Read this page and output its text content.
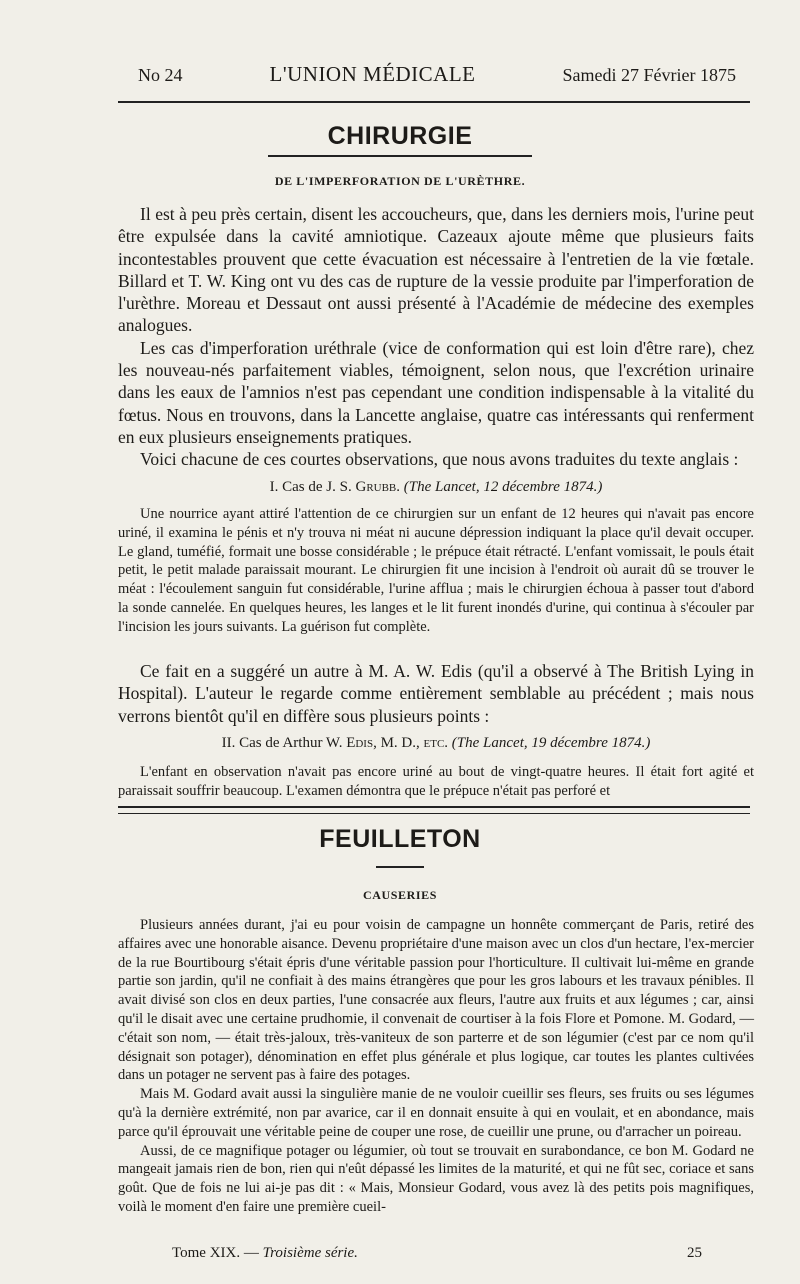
No 24	L'UNION MÉDICALE	Samedi 27 Février 1875
CHIRURGIE
DE L'IMPERFORATION DE L'URÈTHRE.

Il est à peu près certain, disent les accoucheurs, que, dans les derniers mois, l'urine peut être expulsée dans la cavité amniotique. Cazeaux ajoute même que plusieurs faits incontestables prouvent que cette évacuation est nécessaire à l'entretien de la vie fœtale. Billard et T. W. King ont vu des cas de rupture de la vessie produite par l'imperforation de l'urèthre. Moreau et Dessaut ont aussi présenté à l'Académie de médecine des exemples analogues.

Les cas d'imperforation uréthrale (vice de conformation qui est loin d'être rare), chez les nouveau-nés parfaitement viables, témoignent, selon nous, que l'excrétion urinaire dans les eaux de l'amnios n'est pas cependant une condition indispensable à la vitalité du fœtus. Nous en trouvons, dans la Lancette anglaise, quatre cas intéressants qui renferment en eux plusieurs enseignements pratiques.

Voici chacune de ces courtes observations, que nous avons traduites du texte anglais :

I. Cas de J. S. Grubb. (The Lancet, 12 décembre 1874.)

Une nourrice ayant attiré l'attention de ce chirurgien sur un enfant de 12 heures qui n'avait pas encore uriné, il examina le pénis et n'y trouva ni méat ni aucune dépression indiquant la place qu'il devait occuper. Le gland, tuméfié, formait une bosse considérable ; le prépuce était rétracté. L'enfant vomissait, le pouls était petit, le petit malade paraissait mourant. Le chirurgien fit une incision à l'endroit où aurait dû se trouver le méat : l'écoulement sanguin fut considérable, l'urine afflua ; mais le chirurgien échoua à passer tout d'abord la sonde cannelée. En quelques heures, les langes et le lit furent inondés d'urine, qui continua à s'écouler par l'incision les jours suivants. La guérison fut complète.

Ce fait en a suggéré un autre à M. A. W. Edis (qu'il a observé à The British Lying in Hospital). L'auteur le regarde comme entièrement semblable au précédent ; mais nous verrons bientôt qu'il en diffère sous plusieurs points :

II. Cas de Arthur W. Edis, M. D., etc. (The Lancet, 19 décembre 1874.)

L'enfant en observation n'avait pas encore uriné au bout de vingt-quatre heures. Il était fort agité et paraissait souffrir beaucoup. L'examen démontra que le prépuce n'était pas perforé et

FEUILLETON
CAUSERIES

Plusieurs années durant, j'ai eu pour voisin de campagne un honnête commerçant de Paris, retiré des affaires avec une honorable aisance. Devenu propriétaire d'une maison avec un clos d'un hectare, l'ex-mercier de la rue Bourtibourg s'était épris d'une véritable passion pour l'horticulture. Il cultivait lui-même en grande partie son jardin, qu'il ne confiait à des mains étrangères que pour les gros labours et les travaux pénibles. Il avait divisé son clos en deux parties, l'une consacrée aux fleurs, l'autre aux fruits et aux légumes ; car, ainsi qu'il le disait avec une certaine prudhomie, il convenait de courtiser à la fois Flore et Pomone. M. Godard, — c'était son nom, — était très-jaloux, très-vaniteux de son parterre et de son légumier (c'est par ce nom qu'il désignait son potager), dénomination en effet plus générale et plus logique, car toutes les plantes cultivées dans un potager ne servent pas à faire des potages.

Mais M. Godard avait aussi la singulière manie de ne vouloir cueillir ses fleurs, ses fruits ou ses légumes qu'à la dernière extrémité, non par avarice, car il en donnait ensuite à qui en voulait, et en abondance, mais parce qu'il éprouvait une véritable peine de couper une rose, de cueillir une prune, ou d'arracher un poireau.

Aussi, de ce magnifique potager ou légumier, où tout se trouvait en surabondance, ce bon M. Godard ne mangeait jamais rien de bon, rien qui n'eût dépassé les limites de la maturité, et qui ne fût sec, coriace et sans goût. Que de fois ne lui ai-je pas dit : « Mais, Monsieur Godard, vous avez là des petits pois magnifiques, voilà le moment d'en faire une première cueil-

Tome XIX. — Troisième série.	25
